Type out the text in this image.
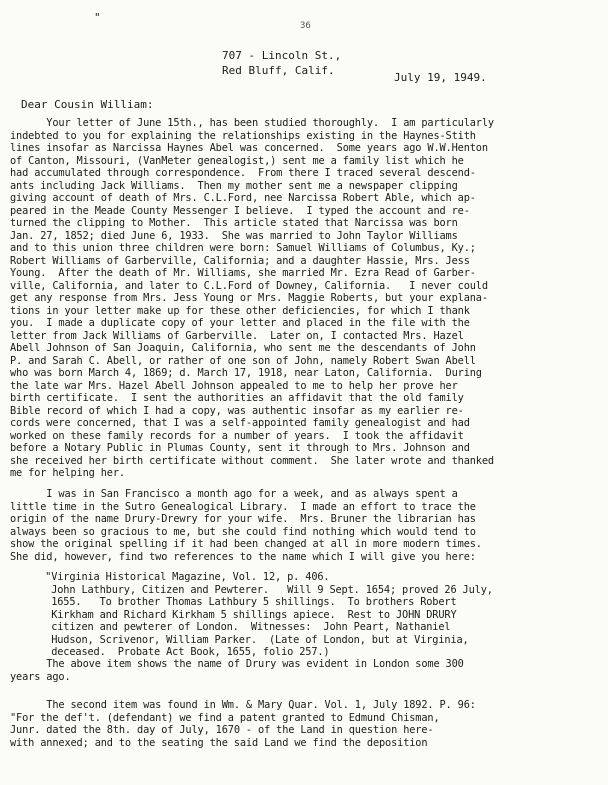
"
36
707 - Lincoln St.,
Red Bluff, Calif.
July 19, 1949.
Dear Cousin William:
Your letter of June 15th., has been studied thoroughly.  I am particularly
indebted to you for explaining the relationships existing in the Haynes-Stith
lines insofar as Narcissa Haynes Abel was concerned.  Some years ago W.W.Henton
of Canton, Missouri, (VanMeter genealogist,) sent me a family list which he
had accumulated through correspondence.  From there I traced several descend-
ants including Jack Williams.  Then my mother sent me a newspaper clipping
giving account of death of Mrs. C.L.Ford, nee Narcissa Robert Able, which ap-
peared in the Meade County Messenger I believe.  I typed the account and re-
turned the clipping to Mother.  This article stated that Narcissa was born
Jan. 27, 1852; died June 6, 1933.  She was married to John Taylor Williams
and to this union three children were born: Samuel Williams of Columbus, Ky.;
Robert Williams of Garberville, California; and a daughter Hassie, Mrs. Jess
Young.  After the death of Mr. Williams, she married Mr. Ezra Read of Garber-
ville, California, and later to C.L.Ford of Downey, California.   I never could
get any response from Mrs. Jess Young or Mrs. Maggie Roberts, but your explana-
tions in your letter make up for these other deficiencies, for which I thank
you.  I made a duplicate copy of your letter and placed in the file with the
letter from Jack Williams of Garberville.  Later on, I contacted Mrs. Hazel
Abell Johnson of San Joaquin, California, who sent me the descendants of John
P. and Sarah C. Abell, or rather of one son of John, namely Robert Swan Abell
who was born March 4, 1869; d. March 17, 1918, near Laton, California.  During
the late war Mrs. Hazel Abell Johnson appealed to me to help her prove her
birth certificate.  I sent the authorities an affidavit that the old family
Bible record of which I had a copy, was authentic insofar as my earlier re-
cords were concerned, that I was a self-appointed family genealogist and had
worked on these family records for a number of years.  I took the affidavit
before a Notary Public in Plumas County, sent it through to Mrs. Johnson and
she received her birth certificate without comment.  She later wrote and thanked
me for helping her.
I was in San Francisco a month ago for a week, and as always spent a
little time in the Sutro Genealogical Library.  I made an effort to trace the
origin of the name Drury-Drewry for your wife.  Mrs. Bruner the librarian has
always been so gracious to me, but she could find nothing which would tend to
show the original spelling if it had been changed at all in more modern times.
She did, however, find two references to the name which I will give you here:
"Virginia Historical Magazine, Vol. 12, p. 406.
John Lathbury, Citizen and Pewterer.   Will 9 Sept. 1654; proved 26 July,
1655.   To brother Thomas Lathbury 5 shillings.  To brothers Robert
Kirkham and Richard Kirkham 5 shillings apiece.  Rest to JOHN DRURY
citizen and pewterer of London.  Witnesses:  John Peart, Nathaniel
Hudson, Scrivenor, William Parker.  (Late of London, but at Virginia,
deceased.  Probate Act Book, 1655, folio 257.)
The above item shows the name of Drury was evident in London some 300
years ago.
The second item was found in Wm. & Mary Quar. Vol. 1, July 1892. P. 96:
"For the def't. (defendant) we find a patent granted to Edmund Chisman,
Junr. dated the 8th. day of July, 1670 - of the Land in question here-
with annexed; and to the seating the said Land we find the deposition
